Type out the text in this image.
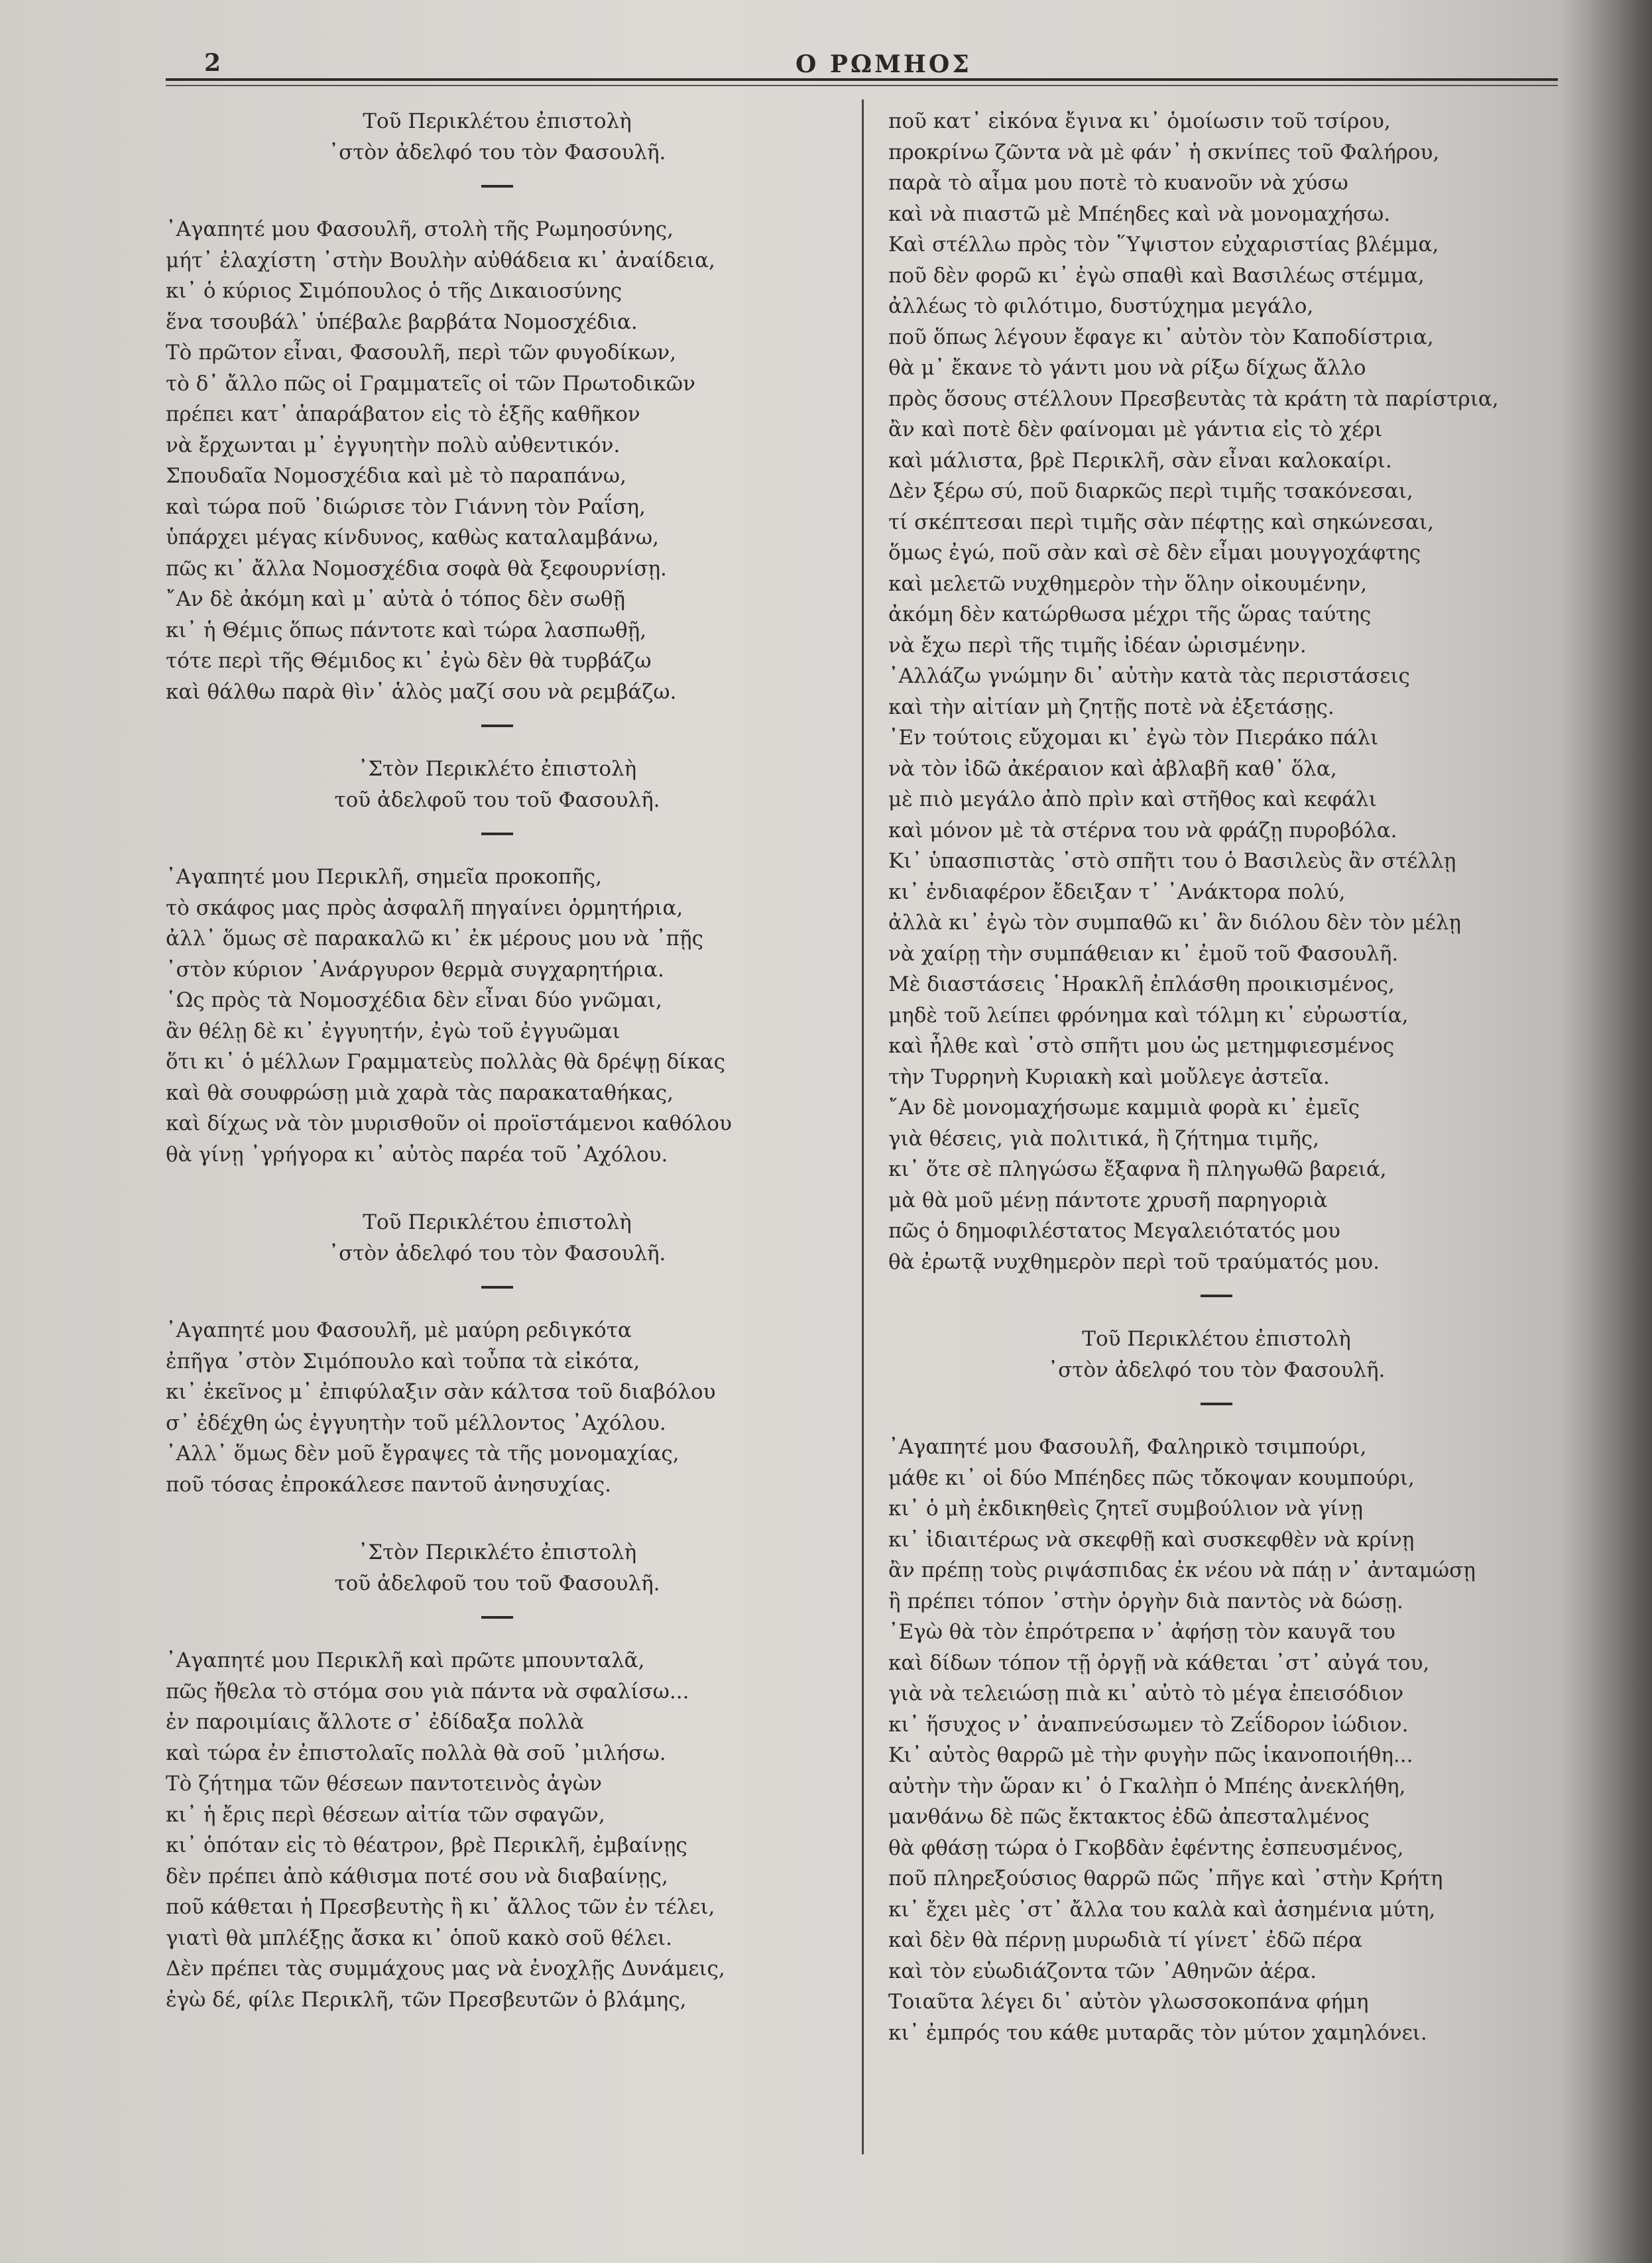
2	Ο ΡΩΜΗΟΣ
Τοῦ Περικλέτου ἐπιστολὴ
᾿στὸν ἀδελφό του τὸν Φασουλῆ.
᾿Αγαπητέ μου Φασουλῆ, στολὴ τῆς Ρωμηοσύνης,
μήτ᾿ ἐλαχίστη ᾿στὴν Βουλὴν αὐθάδεια κι᾿ ἀναίδεια,
κι᾿ ὁ κύριος Σιμόπουλος ὁ τῆς Δικαιοσύνης
ἕνα τσουβάλ᾿ ὑπέβαλε βαρβάτα Νομοσχέδια.
Τὸ πρῶτον εἶναι, Φασουλῆ, περὶ τῶν φυγοδίκων,
τὸ δ᾿ ἄλλο πῶς οἱ Γραμματεῖς οἱ τῶν Πρωτοδικῶν
πρέπει κατ᾿ ἀπαράβατον εἰς τὸ ἑξῆς καθῆκον
νὰ ἔρχωνται μ᾿ ἐγγυητὴν πολὺ αὐθεντικόν.
Σπουδαῖα Νομοσχέδια καὶ μὲ τὸ παραπάνω,
καὶ τώρα ποῦ ᾿διώρισε τὸν Γιάννη τὸν Ραΐση,
ὑπάρχει μέγας κίνδυνος, καθὼς καταλαμβάνω,
πῶς κι᾿ ἄλλα Νομοσχέδια σοφὰ θὰ ξεφουρνίσῃ.
῎Αν δὲ ἀκόμη καὶ μ᾿ αὐτὰ ὁ τόπος δὲν σωθῇ
κι᾿ ἡ Θέμις ὅπως πάντοτε καὶ τώρα λασπωθῇ,
τότε περὶ τῆς Θέμιδος κι᾿ ἐγὼ δὲν θὰ τυρβάζω
καὶ θάλθω παρὰ θὶν᾿ ἁλὸς μαζί σου νὰ ρεμβάζω.
᾿Στὸν Περικλέτο ἐπιστολὴ
τοῦ ἀδελφοῦ του τοῦ Φασουλῆ.
᾿Αγαπητέ μου Περικλῆ, σημεῖα προκοπῆς,
τὸ σκάφος μας πρὸς ἀσφαλῆ πηγαίνει ὁρμητήρια,
ἀλλ᾿ ὅμως σὲ παρακαλῶ κι᾿ ἐκ μέρους μου νὰ ᾿πῇς
᾿στὸν κύριον ᾿Ανάργυρον θερμὰ συγχαρητήρια.
῾Ως πρὸς τὰ Νομοσχέδια δὲν εἶναι δύο γνῶμαι,
ἂν θέλῃ δὲ κι᾿ ἐγγυητήν, ἐγὼ τοῦ ἐγγυῶμαι
ὅτι κι᾿ ὁ μέλλων Γραμματεὺς πολλὰς θὰ δρέψῃ δίκας
καὶ θὰ σουφρώσῃ μιὰ χαρὰ τὰς παρακαταθήκας,
καὶ δίχως νὰ τὸν μυρισθοῦν οἱ προϊστάμενοι καθόλου
θὰ γίνῃ ᾿γρήγορα κι᾿ αὐτὸς παρέα τοῦ ᾿Αχόλου.
Τοῦ Περικλέτου ἐπιστολὴ
᾿στὸν ἀδελφό του τὸν Φασουλῆ.
᾿Αγαπητέ μου Φασουλῆ, μὲ μαύρη ρεδιγκότα
ἐπῆγα ᾿στὸν Σιμόπουλο καὶ τοὖπα τὰ εἰκότα,
κι᾿ ἐκεῖνος μ᾿ ἐπιφύλαξιν σὰν κάλτσα τοῦ διαβόλου
σ᾿ ἐδέχθη ὡς ἐγγυητὴν τοῦ μέλλοντος ᾿Αχόλου.
᾿Αλλ᾿ ὅμως δὲν μοῦ ἔγραψες τὰ τῆς μονομαχίας,
ποῦ τόσας ἐπροκάλεσε παντοῦ ἀνησυχίας.
᾿Στὸν Περικλέτο ἐπιστολὴ
τοῦ ἀδελφοῦ του τοῦ Φασουλῆ.
᾿Αγαπητέ μου Περικλῆ καὶ πρῶτε μπουνταλᾶ,
πῶς ἤθελα τὸ στόμα σου γιὰ πάντα νὰ σφαλίσω...
ἐν παροιμίαις ἄλλοτε σ᾿ ἐδίδαξα πολλὰ
καὶ τώρα ἐν ἐπιστολαῖς πολλὰ θὰ σοῦ ᾿μιλήσω.
Τὸ ζήτημα τῶν θέσεων παντοτεινὸς ἀγὼν
κι᾿ ἡ ἔρις περὶ θέσεων αἰτία τῶν σφαγῶν,
κι᾿ ὁπόταν εἰς τὸ θέατρον, βρὲ Περικλῆ, ἐμβαίνῃς
δὲν πρέπει ἀπὸ κάθισμα ποτέ σου νὰ διαβαίνῃς,
ποῦ κάθεται ἡ Πρεσβευτὴς ἢ κι᾿ ἄλλος τῶν ἐν τέλει,
γιατὶ θὰ μπλέξῃς ἄσκα κι᾿ ὁποῦ κακὸ σοῦ θέλει.
Δὲν πρέπει τὰς συμμάχους μας νὰ ἐνοχλῇς Δυνάμεις,
ἐγὼ δέ, φίλε Περικλῆ, τῶν Πρεσβευτῶν ὁ βλάμης,
ποῦ κατ᾿ εἰκόνα ἔγινα κι᾿ ὁμοίωσιν τοῦ τσίρου,
προκρίνω ζῶντα νὰ μὲ φάν᾿ ἡ σκνίπες τοῦ Φαλήρου,
παρὰ τὸ αἷμα μου ποτὲ τὸ κυανοῦν νὰ χύσω
καὶ νὰ πιαστῶ μὲ Μπέηδες καὶ νὰ μονομαχήσω.
Καὶ στέλλω πρὸς τὸν ῞Υψιστον εὐχαριστίας βλέμμα,
ποῦ δὲν φορῶ κι᾿ ἐγὼ σπαθὶ καὶ Βασιλέως στέμμα,
ἀλλέως τὸ φιλότιμο, δυστύχημα μεγάλο,
ποῦ ὅπως λέγουν ἔφαγε κι᾿ αὐτὸν τὸν Καποδίστρια,
θὰ μ᾿ ἔκανε τὸ γάντι μου νὰ ρίξω δίχως ἄλλο
πρὸς ὅσους στέλλουν Πρεσβευτὰς τὰ κράτη τὰ παρίστρια,
ἂν καὶ ποτὲ δὲν φαίνομαι μὲ γάντια εἰς τὸ χέρι
καὶ μάλιστα, βρὲ Περικλῆ, σὰν εἶναι καλοκαίρι.
Δὲν ξέρω σύ, ποῦ διαρκῶς περὶ τιμῆς τσακόνεσαι,
τί σκέπτεσαι περὶ τιμῆς σὰν πέφτῃς καὶ σηκώνεσαι,
ὅμως ἐγώ, ποῦ σὰν καὶ σὲ δὲν εἶμαι μουγγοχάφτης
καὶ μελετῶ νυχθημερὸν τὴν ὅλην οἰκουμένην,
ἀκόμη δὲν κατώρθωσα μέχρι τῆς ὥρας ταύτης
νὰ ἔχω περὶ τῆς τιμῆς ἰδέαν ὡρισμένην.
᾿Αλλάζω γνώμην δι᾿ αὐτὴν κατὰ τὰς περιστάσεις
καὶ τὴν αἰτίαν μὴ ζητῇς ποτὲ νὰ ἐξετάσῃς.
᾿Εν τούτοις εὔχομαι κι᾿ ἐγὼ τὸν Πιεράκο πάλι
νὰ τὸν ἰδῶ ἀκέραιον καὶ ἀβλαβῆ καθ᾿ ὅλα,
μὲ πιὸ μεγάλο ἀπὸ πρὶν καὶ στῆθος καὶ κεφάλι
καὶ μόνον μὲ τὰ στέρνα του νὰ φράζῃ πυροβόλα.
Κι᾿ ὑπασπιστὰς ᾿στὸ σπῆτι του ὁ Βασιλεὺς ἂν στέλλῃ
κι᾿ ἐνδιαφέρον ἔδειξαν τ᾿ ᾿Ανάκτορα πολύ,
ἀλλὰ κι᾿ ἐγὼ τὸν συμπαθῶ κι᾿ ἂν διόλου δὲν τὸν μέλῃ
νὰ χαίρῃ τὴν συμπάθειαν κι᾿ ἐμοῦ τοῦ Φασουλῆ.
Μὲ διαστάσεις ῾Ηρακλῆ ἐπλάσθη προικισμένος,
μηδὲ τοῦ λείπει φρόνημα καὶ τόλμη κι᾿ εὐρωστία,
καὶ ἦλθε καὶ ᾿στὸ σπῆτι μου ὡς μετημφιεσμένος
τὴν Τυρρηνὴ Κυριακὴ καὶ μοὔλεγε ἀστεῖα.
῎Αν δὲ μονομαχήσωμε καμμιὰ φορὰ κι᾿ ἐμεῖς
γιὰ θέσεις, γιὰ πολιτικά, ἢ ζήτημα τιμῆς,
κι᾿ ὅτε σὲ πληγώσω ἔξαφνα ἢ πληγωθῶ βαρειά,
μὰ θὰ μοῦ μένῃ πάντοτε χρυσῆ παρηγοριὰ
πῶς ὁ δημοφιλέστατος Μεγαλειότατός μου
θὰ ἐρωτᾷ νυχθημερὸν περὶ τοῦ τραύματός μου.
Τοῦ Περικλέτου ἐπιστολὴ
᾿στὸν ἀδελφό του τὸν Φασουλῆ.
᾿Αγαπητέ μου Φασουλῆ, Φαληρικὸ τσιμπούρι,
μάθε κι᾿ οἱ δύο Μπέηδες πῶς τὄκοψαν κουμπούρι,
κι᾿ ὁ μὴ ἐκδικηθεὶς ζητεῖ συμβούλιον νὰ γίνῃ
κι᾿ ἰδιαιτέρως νὰ σκεφθῇ καὶ συσκεφθὲν νὰ κρίνῃ
ἂν πρέπῃ τοὺς ριψάσπιδας ἐκ νέου νὰ πάῃ ν᾿ ἀνταμώσῃ
ἢ πρέπει τόπον ᾿στὴν ὀργὴν διὰ παντὸς νὰ δώσῃ.
᾿Εγὼ θὰ τὸν ἐπρότρεπα ν᾿ ἀφήσῃ τὸν καυγᾶ του
καὶ δίδων τόπον τῇ ὀργῇ νὰ κάθεται ᾿στ᾿ αὐγά του,
γιὰ νὰ τελειώσῃ πιὰ κι᾿ αὐτὸ τὸ μέγα ἐπεισόδιον
κι᾿ ἥσυχος ν᾿ ἀναπνεύσωμεν τὸ Ζεΐδορον ἰώδιον.
Κι᾿ αὐτὸς θαρρῶ μὲ τὴν φυγὴν πῶς ἱκανοποιήθη...
αὐτὴν τὴν ὥραν κι᾿ ὁ Γκαλὴπ ὁ Μπέης ἀνεκλήθη,
μανθάνω δὲ πῶς ἔκτακτος ἐδῶ ἀπεσταλμένος
θὰ φθάσῃ τώρα ὁ Γκοβδὰν ἐφέντης ἐσπευσμένος,
ποῦ πληρεξούσιος θαρρῶ πῶς ᾿πῆγε καὶ ᾿στὴν Κρήτη
κι᾿ ἔχει μὲς ᾿στ᾿ ἄλλα του καλὰ καὶ ἀσημένια μύτη,
καὶ δὲν θὰ πέρνῃ μυρωδιὰ τί γίνετ᾿ ἐδῶ πέρα
καὶ τὸν εὐωδιάζοντα τῶν ᾿Αθηνῶν ἀέρα.
Τοιαῦτα λέγει δι᾿ αὐτὸν γλωσσοκοπάνα φήμη
κι᾿ ἐμπρός του κάθε μυταρᾶς τὸν μύτον χαμηλόνει.
